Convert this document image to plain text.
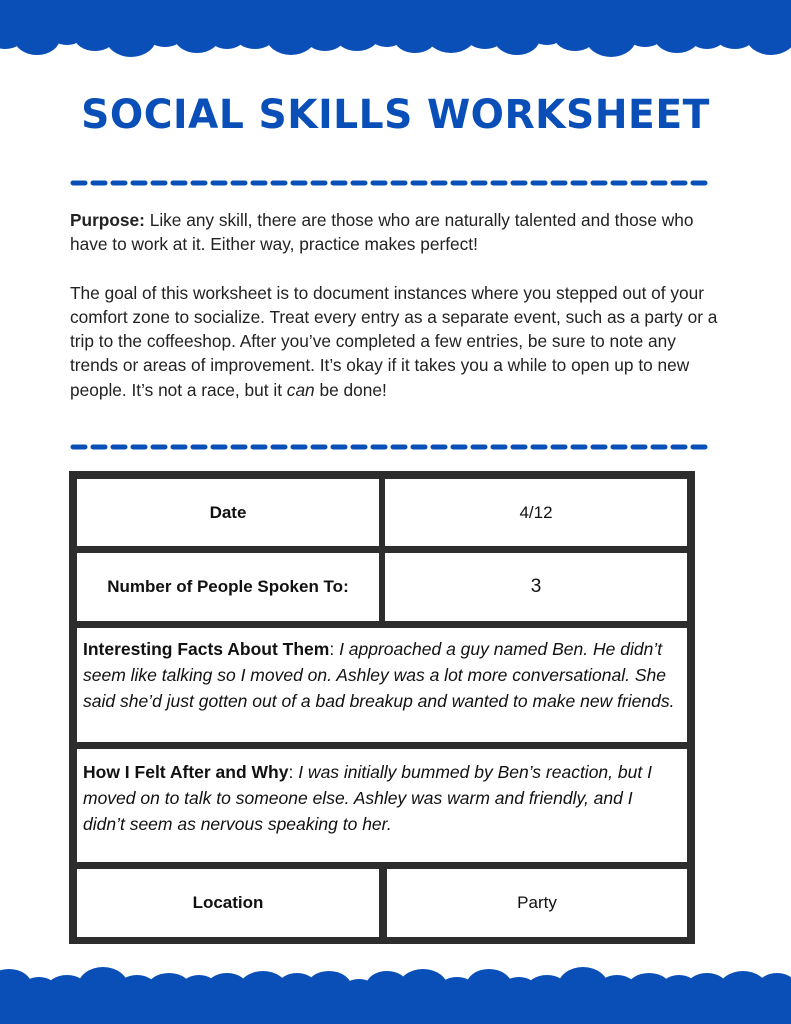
SOCIAL SKILLS WORKSHEET

Purpose: Like any skill, there are those who are naturally talented and those who have to work at it. Either way, practice makes perfect!

The goal of this worksheet is to document instances where you stepped out of your comfort zone to socialize. Treat every entry as a separate event, such as a party or a trip to the coffeeshop. After you’ve completed a few entries, be sure to note any trends or areas of improvement. It’s okay if it takes you a while to open up to new people. It’s not a race, but it can be done!

Date	4/12
Number of People Spoken To:	3
Interesting Facts About Them: I approached a guy named Ben. He didn’t seem like talking so I moved on. Ashley was a lot more conversational. She said she’d just gotten out of a bad breakup and wanted to make new friends.
How I Felt After and Why: I was initially bummed by Ben’s reaction, but I moved on to talk to someone else. Ashley was warm and friendly, and I didn’t seem as nervous speaking to her.
Location	Party
